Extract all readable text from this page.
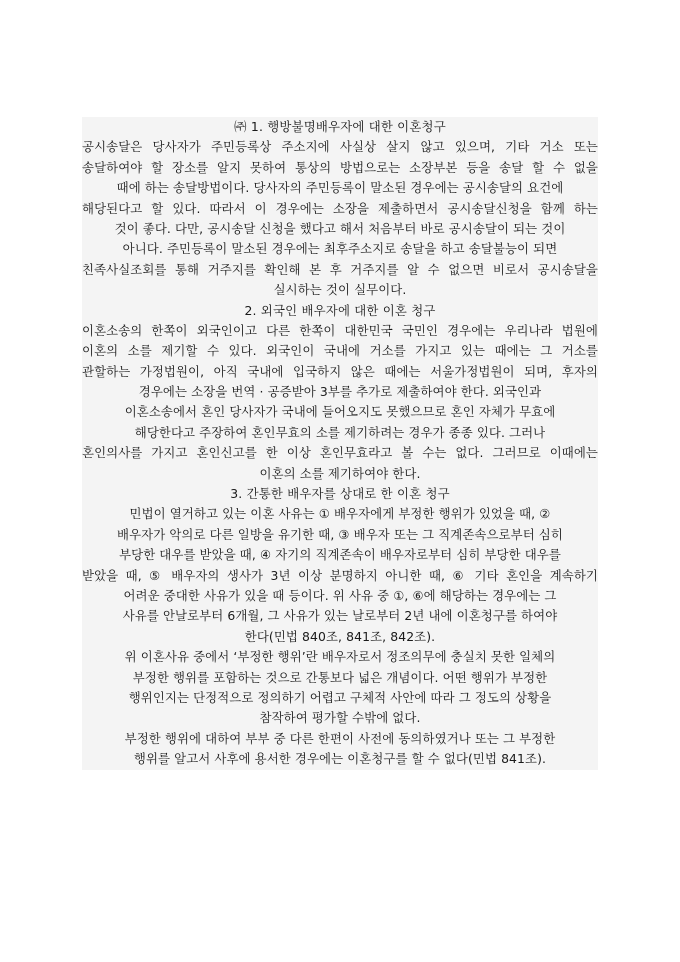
㈜ 1. 행방불명배우자에 대한 이혼청구
공시송달은 당사자가 주민등록상 주소지에 사실상 살지 않고 있으며, 기타 거소 또는
송달하여야 할 장소를 알지 못하여 통상의 방법으로는 소장부본 등을 송달 할 수 없을
때에 하는 송달방법이다. 당사자의 주민등록이 말소된 경우에는 공시송달의 요건에
해당된다고 할 있다. 따라서 이 경우에는 소장을 제출하면서 공시송달신청을 함께 하는
것이 좋다. 다만, 공시송달 신청을 했다고 해서 처음부터 바로 공시송달이 되는 것이
아니다. 주민등록이 말소된 경우에는 최후주소지로 송달을 하고 송달불능이 되면
친족사실조회를 통해 거주지를 확인해 본 후 거주지를 알 수 없으면 비로서 공시송달을
실시하는 것이 실무이다.
2. 외국인 배우자에 대한 이혼 청구
이혼소송의 한쪽이 외국인이고 다른 한쪽이 대한민국 국민인 경우에는 우리나라 법원에
이혼의 소를 제기할 수 있다. 외국인이 국내에 거소를 가지고 있는 때에는 그 거소를
관할하는 가정법원이, 아직 국내에 입국하지 않은 때에는 서울가정법원이 되며, 후자의
경우에는 소장을 번역 · 공증받아 3부를 추가로 제출하여야 한다. 외국인과
이혼소송에서 혼인 당사자가 국내에 들어오지도 못했으므로 혼인 자체가 무효에
해당한다고 주장하여 혼인무효의 소를 제기하려는 경우가 종종 있다. 그러나
혼인의사를 가지고 혼인신고를 한 이상 혼인무효라고 볼 수는 없다. 그러므로 이때에는
이혼의 소를 제기하여야 한다.
3. 간통한 배우자를 상대로 한 이혼 청구
민법이 열거하고 있는 이혼 사유는 ① 배우자에게 부정한 행위가 있었을 때, ②
배우자가 악의로 다른 일방을 유기한 때, ③ 배우자 또는 그 직계존속으로부터 심히
부당한 대우를 받았을 때, ④ 자기의 직계존속이 배우자로부터 심히 부당한 대우를
받았을 때, ⑤ 배우자의 생사가 3년 이상 분명하지 아니한 때, ⑥ 기타 혼인을 계속하기
어려운 중대한 사유가 있을 때 등이다. 위 사유 중 ①, ⑥에 해당하는 경우에는 그
사유를 안날로부터 6개월, 그 사유가 있는 날로부터 2년 내에 이혼청구를 하여야
한다(민법 840조, 841조, 842조).
위 이혼사유 중에서 ‘부정한 행위’란 배우자로서 정조의무에 충실치 못한 일체의
부정한 행위를 포함하는 것으로 간통보다 넓은 개념이다. 어떤 행위가 부정한
행위인지는 단정적으로 정의하기 어렵고 구체적 사안에 따라 그 정도의 상황을
참작하여 평가할 수밖에 없다.
부정한 행위에 대하여 부부 중 다른 한편이 사전에 동의하였거나 또는 그 부정한
행위를 알고서 사후에 용서한 경우에는 이혼청구를 할 수 없다(민법 841조).
